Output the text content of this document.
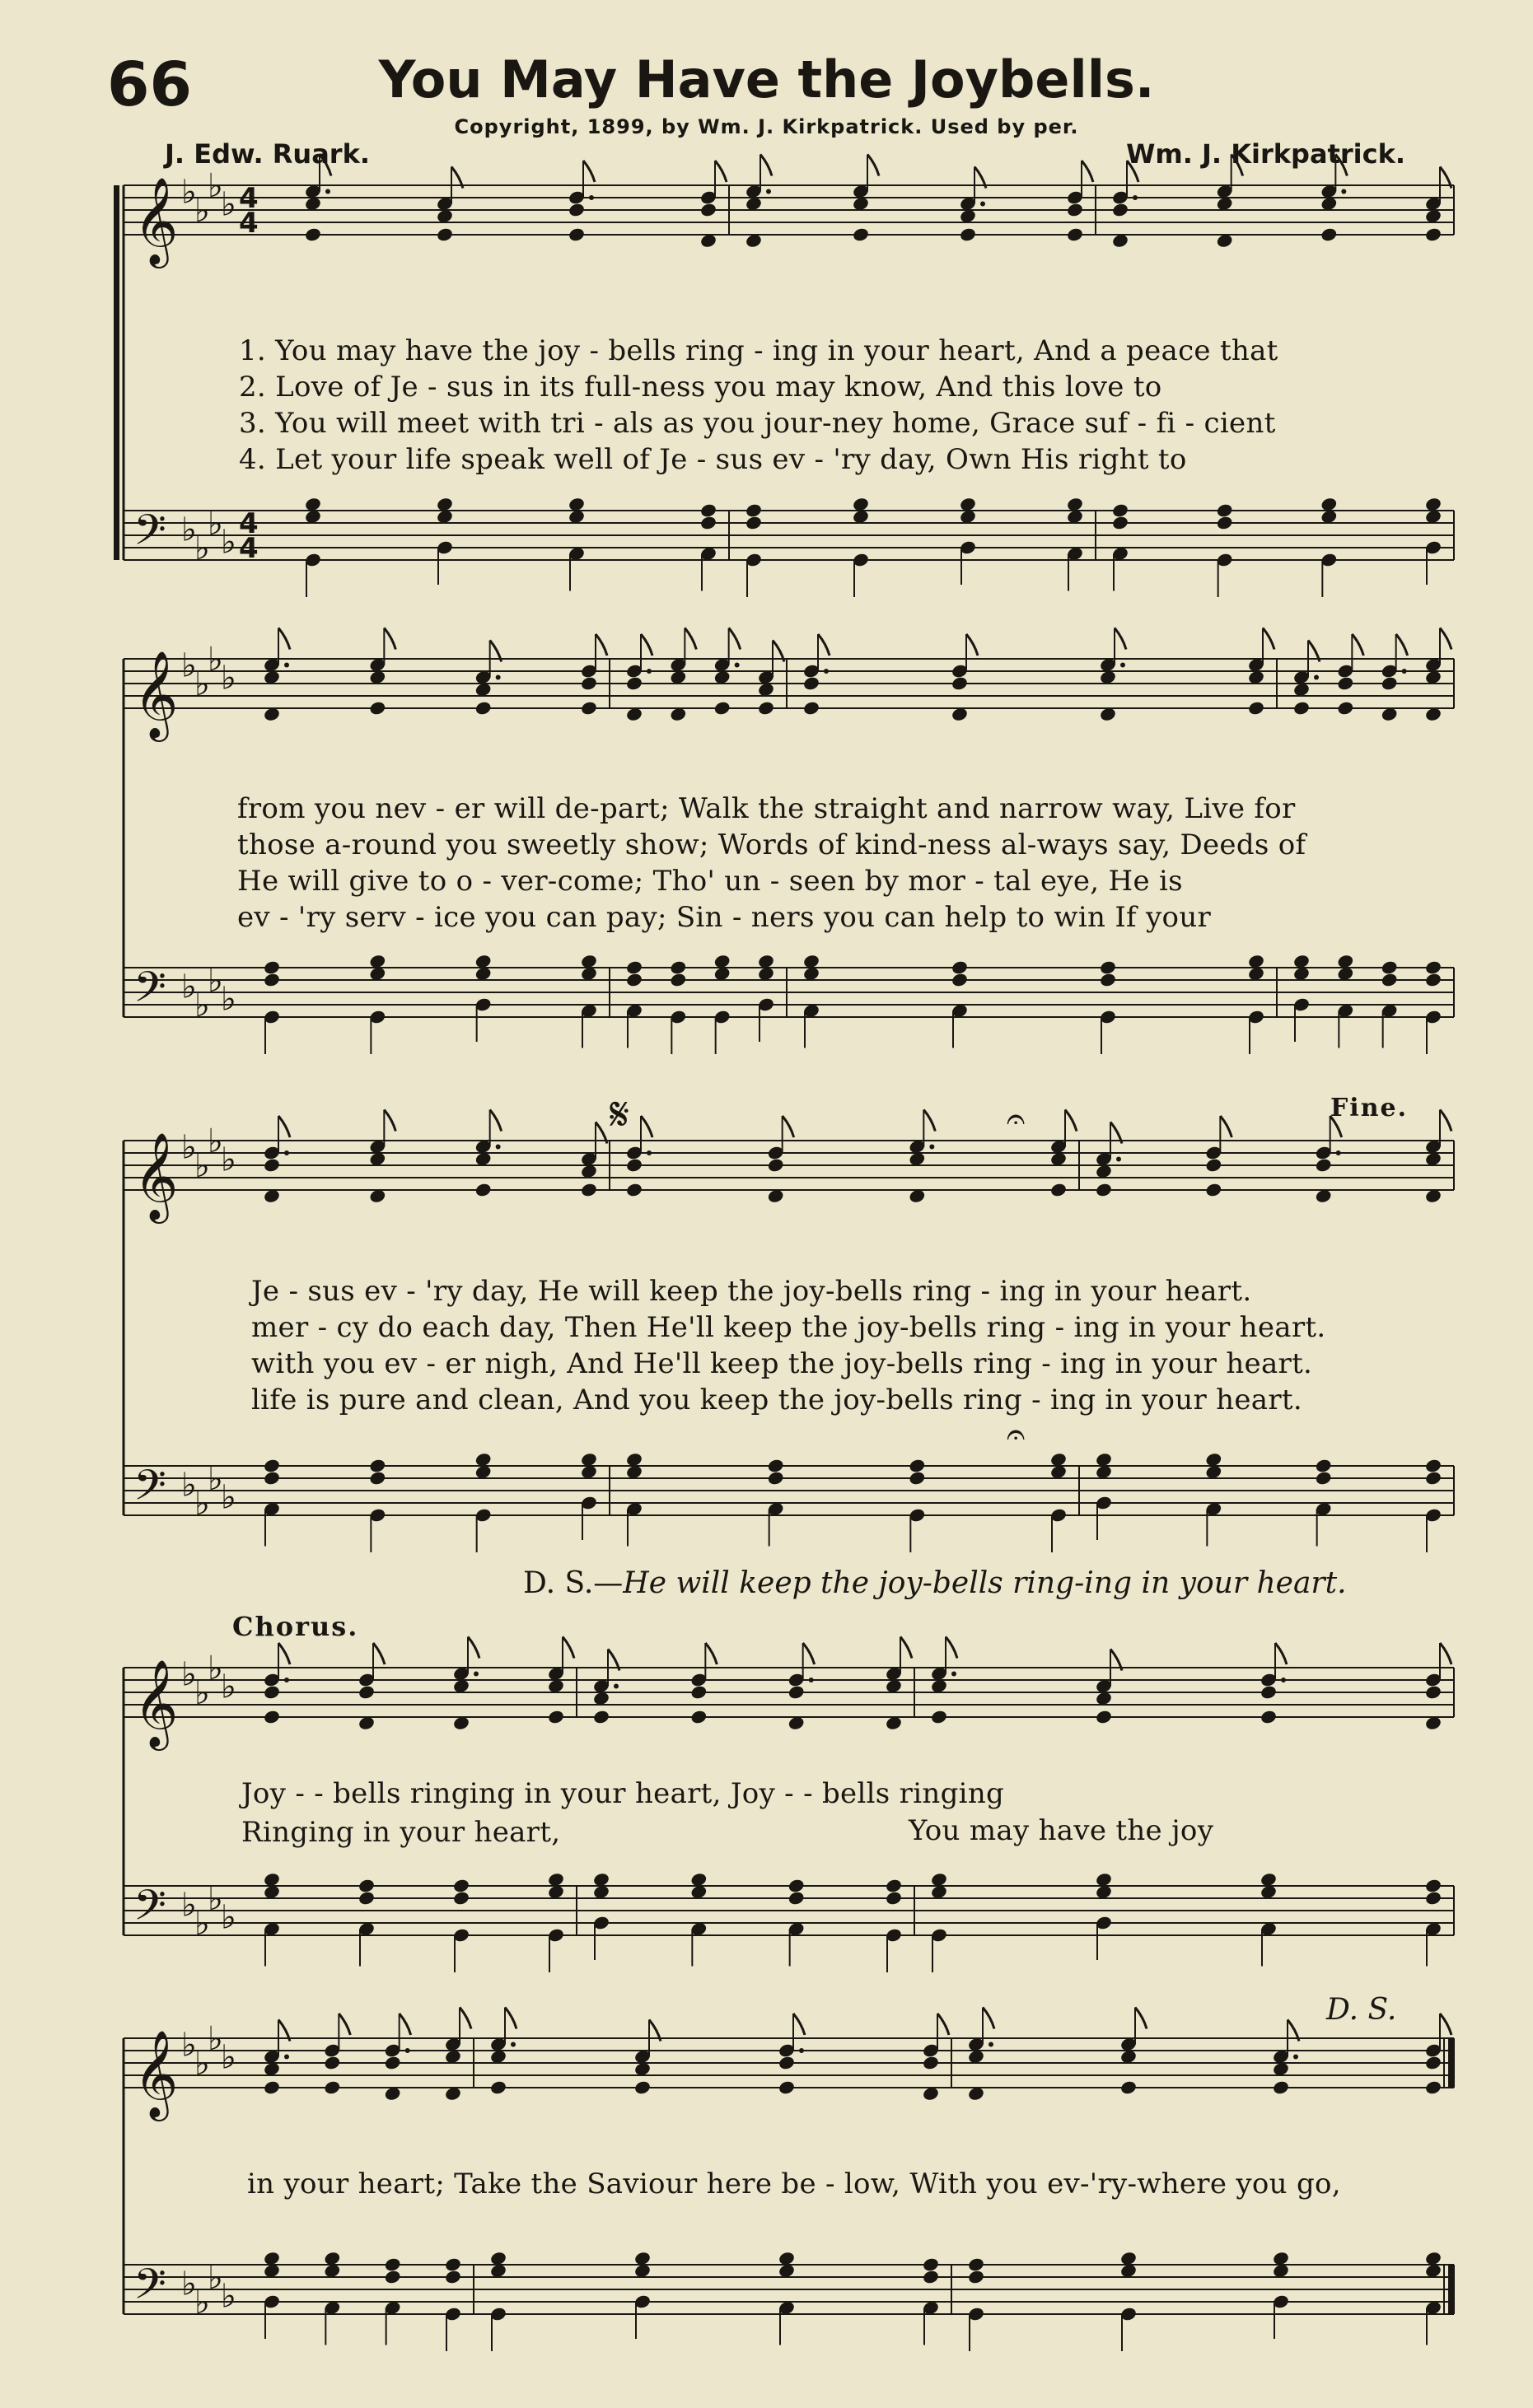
66	You May Have the Joybells.
Copyright, 1899, by Wm. J. Kirkpatrick. Used by per.
J. Edw. Ruark.	Wm. J. Kirkpatrick.
𝄞 ♭
♭
♭
♭ 4
4
𝄢 ♭
♭
♭
♭ 4
4
𝄞 ♭
♭
♭
♭
𝄢 ♭
♭
♭
♭
𝄞 ♭
♭
♭
♭
𝄢 ♭
♭
♭
♭
𝄞 ♭
♭
♭
♭
𝄢 ♭
♭
♭
♭
𝄞 ♭
♭
♭
♭
𝄢 ♭
♭
♭
♭
𝄋	𝄐
𝄐
1. You may have the joy - bells ring - ing in your heart, And a peace that
2. Love of Je - sus in its full-ness you may know, And this love to
3. You will meet with tri - als as you jour-ney home, Grace suf - fi - cient
4. Let your life speak well of Je - sus ev - 'ry day, Own His right to
from you nev - er will de-part; Walk the straight and narrow way, Live for
those a-round you sweetly show; Words of kind-ness al-ways say, Deeds of
He will give to o - ver-come; Tho' un - seen by mor - tal eye, He is
ev - 'ry serv - ice you can pay; Sin - ners you can help to win If your
Je - sus ev - 'ry day, He will keep the joy-bells ring - ing in your heart.
mer - cy do each day, Then He'll keep the joy-bells ring - ing in your heart.
with you ev - er nigh, And He'll keep the joy-bells ring - ing in your heart.
life is pure and clean, And you keep the joy-bells ring - ing in your heart.
D. S.—He will keep the joy-bells ring-ing in your heart.
Chorus.
Joy - - bells ringing in your heart, Joy - - bells ringing
Ringing in your heart,	You may have the joy
in your heart; Take the Saviour here be - low, With you ev-'ry-where you go,
D. S.
Fine.
